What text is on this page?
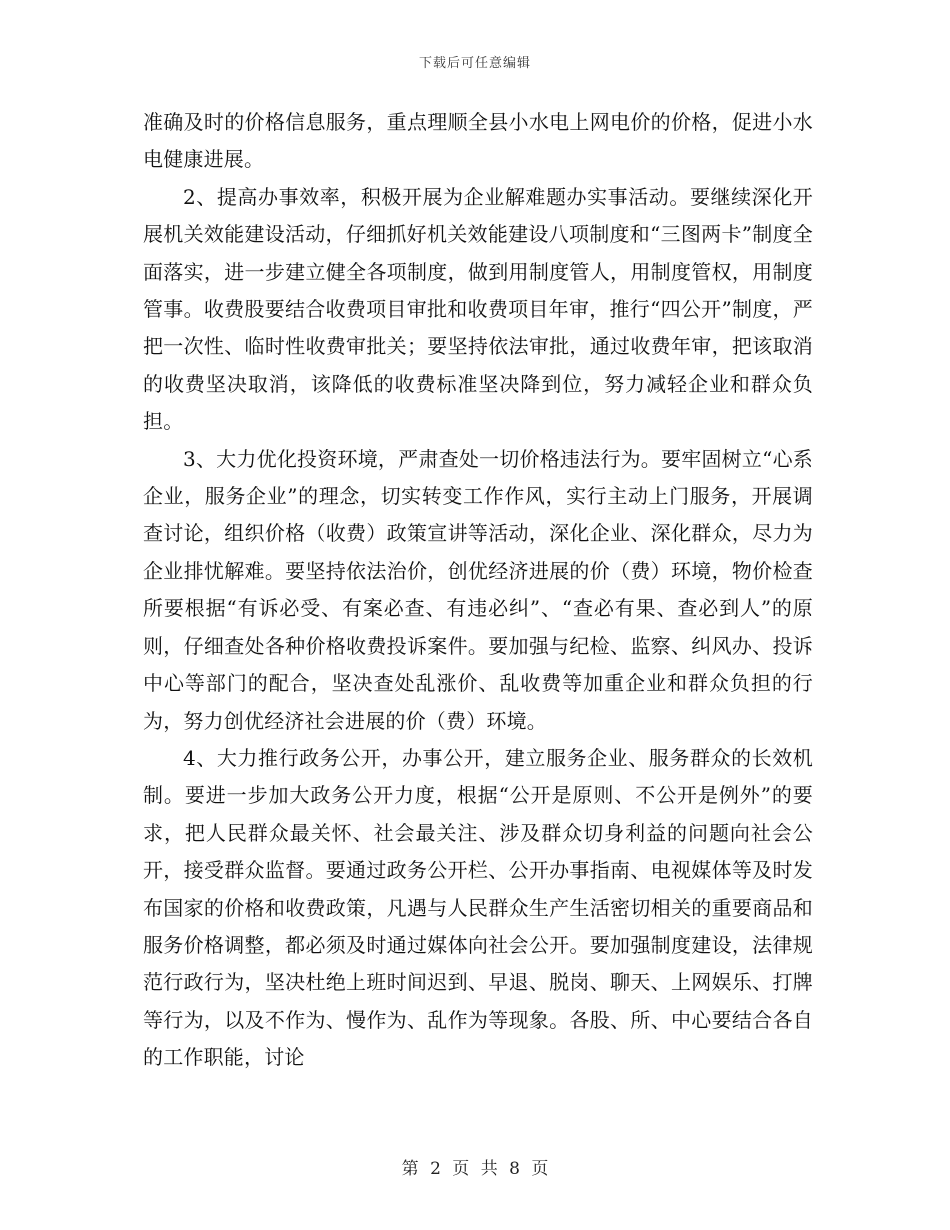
下载后可任意编辑

准确及时的价格信息服务，重点理顺全县小水电上网电价的价格，促进小水电健康进展。

2、提高办事效率，积极开展为企业解难题办实事活动。要继续深化开展机关效能建设活动，仔细抓好机关效能建设八项制度和“三图两卡”制度全面落实，进一步建立健全各项制度，做到用制度管人，用制度管权，用制度管事。收费股要结合收费项目审批和收费项目年审，推行“四公开”制度，严把一次性、临时性收费审批关；要坚持依法审批，通过收费年审，把该取消的收费坚决取消，该降低的收费标准坚决降到位，努力减轻企业和群众负担。

3、大力优化投资环境，严肃查处一切价格违法行为。要牢固树立“心系企业，服务企业”的理念，切实转变工作作风，实行主动上门服务，开展调查讨论，组织价格（收费）政策宣讲等活动，深化企业、深化群众，尽力为企业排忧解难。要坚持依法治价，创优经济进展的价（费）环境，物价检查所要根据“有诉必受、有案必查、有违必纠”、“查必有果、查必到人”的原则，仔细查处各种价格收费投诉案件。要加强与纪检、监察、纠风办、投诉中心等部门的配合，坚决查处乱涨价、乱收费等加重企业和群众负担的行为，努力创优经济社会进展的价（费）环境。

4、大力推行政务公开，办事公开，建立服务企业、服务群众的长效机制。要进一步加大政务公开力度，根据“公开是原则、不公开是例外”的要求，把人民群众最关怀、社会最关注、涉及群众切身利益的问题向社会公开，接受群众监督。要通过政务公开栏、公开办事指南、电视媒体等及时发布国家的价格和收费政策，凡遇与人民群众生产生活密切相关的重要商品和服务价格调整，都必须及时通过媒体向社会公开。要加强制度建设，法律规范行政行为，坚决杜绝上班时间迟到、早退、脱岗、聊天、上网娱乐、打牌等行为，以及不作为、慢作为、乱作为等现象。各股、所、中心要结合各自的工作职能，讨论

第 2 页 共 8 页
